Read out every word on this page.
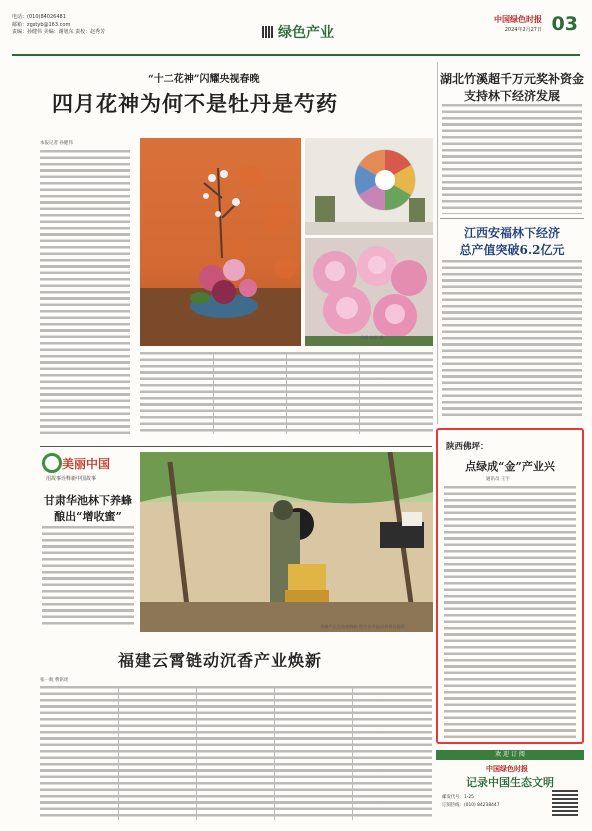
电话：(010)84026481
邮箱：zgstyb@163.com
责编：孙健伟 美编：谢旭东 责校：赵秀芳	绿色产业
中国绿色时报
2024年2月27日 03
“十二花神”闪耀央视春晚
四月花神为何不是牡丹是芍药
本报记者 孙健伟

芍药 何雨 摄
湖北竹溪超千万元奖补资金
支持林下经济发展
江西安福林下经济
总产值突破6.2亿元
美丽中国
用故事诠释新中国故事
甘肃华池林下养蜂
酿出“增收蜜”
养蜂户正在检查蜂箱 图片由华池县林草局提供
福建云霄链动沉香产业焕新
张一航 曹铭瑶
陕西佛坪：
点绿成“金”产业兴
通讯员 王宇
欢 迎 订 阅
中国绿色时报
记录中国生态文明
邮发代号：1-25
订阅热线：(010) 84238447
